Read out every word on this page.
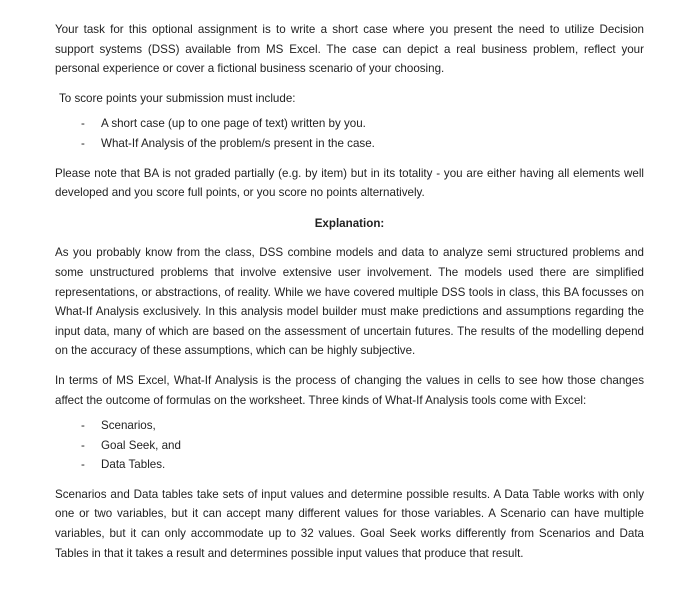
Your task for this optional assignment is to write a short case where you present the need to utilize Decision support systems (DSS) available from MS Excel. The case can depict a real business problem, reflect your personal experience or cover a fictional business scenario of your choosing.

To score points your submission must include:

-	A short case (up to one page of text) written by you.
-	What-If Analysis of the problem/s present in the case.

Please note that BA is not graded partially (e.g. by item) but in its totality - you are either having all elements well developed and you score full points, or you score no points alternatively.

Explanation:

As you probably know from the class, DSS combine models and data to analyze semi structured problems and some unstructured problems that involve extensive user involvement. The models used there are simplified representations, or abstractions, of reality. While we have covered multiple DSS tools in class, this BA focusses on What-If Analysis exclusively. In this analysis model builder must make predictions and assumptions regarding the input data, many of which are based on the assessment of uncertain futures. The results of the modelling depend on the accuracy of these assumptions, which can be highly subjective.

In terms of MS Excel, What-If Analysis is the process of changing the values in cells to see how those changes affect the outcome of formulas on the worksheet. Three kinds of What-If Analysis tools come with Excel:

-	Scenarios,
-	Goal Seek, and
-	Data Tables.

Scenarios and Data tables take sets of input values and determine possible results. A Data Table works with only one or two variables, but it can accept many different values for those variables. A Scenario can have multiple variables, but it can only accommodate up to 32 values. Goal Seek works differently from Scenarios and Data Tables in that it takes a result and determines possible input values that produce that result.
